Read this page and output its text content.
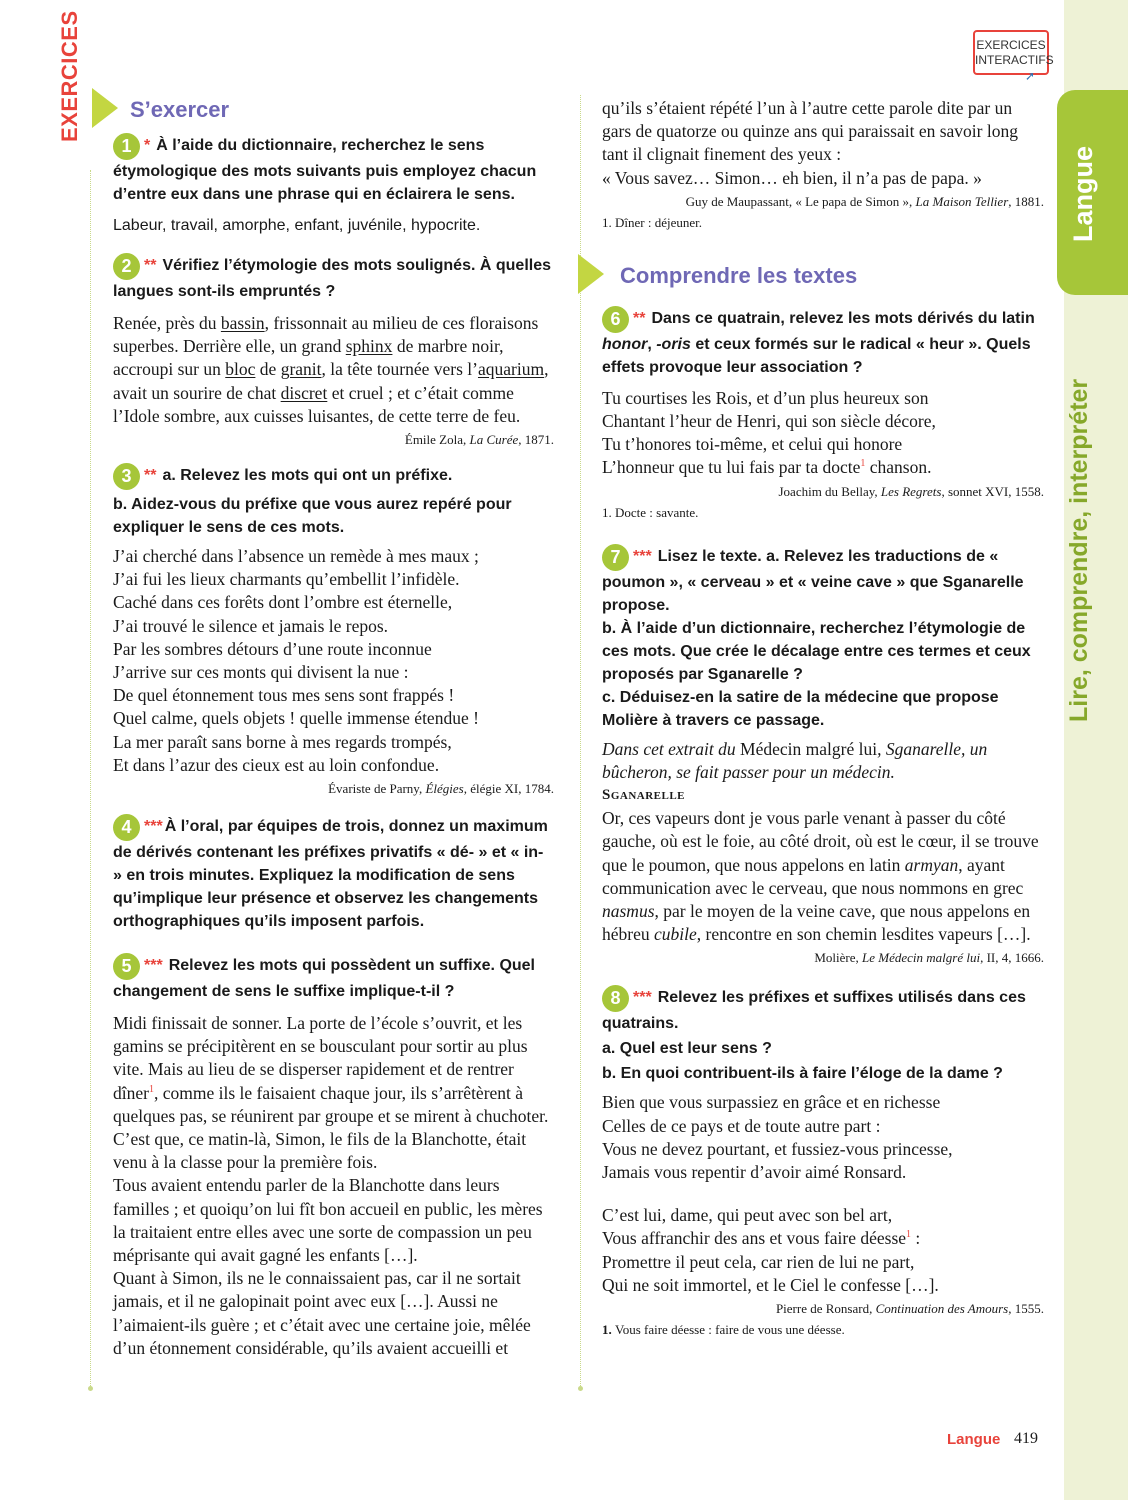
Langue
Lire, comprendre, interpréter
EXERCICES	EXERCICES
INTERACTIFS
➚
S’exercer

1 * À l’aide du dictionnaire, recherchez le sens étymologique des mots suivants puis employez chacun d’entre eux dans une phrase qui en éclairera le sens.

Labeur, travail, amorphe, enfant, juvénile, hypocrite.

2 ** Vérifiez l’étymologie des mots soulignés. À quelles langues sont-ils empruntés ?

Renée, près du bassin, frissonnait au milieu de ces floraisons superbes. Derrière elle, un grand sphinx de marbre noir, accroupi sur un bloc de granit, la tête tournée vers l’aquarium, avait un sourire de chat discret et cruel ; et c’était comme l’Idole sombre, aux cuisses luisantes, de cette terre de feu.

Émile Zola, La Curée, 1871.

3 ** a. Relevez les mots qui ont un préfixe.

b. Aidez-vous du préfixe que vous aurez repéré pour expliquer le sens de ces mots.

J’ai cherché dans l’absence un remède à mes maux ;

J’ai fui les lieux charmants qu’embellit l’infidèle.

Caché dans ces forêts dont l’ombre est éternelle,

J’ai trouvé le silence et jamais le repos.

Par les sombres détours d’une route inconnue

J’arrive sur ces monts qui divisent la nue :

De quel étonnement tous mes sens sont frappés !

Quel calme, quels objets ! quelle immense étendue !

La mer paraît sans borne à mes regards trompés,

Et dans l’azur des cieux est au loin confondue.

Évariste de Parny, Élégies, élégie XI, 1784.

4 *** À l’oral, par équipes de trois, donnez un maximum de dérivés contenant les préfixes privatifs « dé- » et « in- » en trois minutes. Expliquez la modification de sens qu’implique leur présence et observez les changements orthographiques qu’ils imposent parfois.

5 *** Relevez les mots qui possèdent un suffixe. Quel changement de sens le suffixe implique-t-il ?

Midi finissait de sonner. La porte de l’école s’ouvrit, et les gamins se précipitèrent en se bousculant pour sortir au plus vite. Mais au lieu de se disperser rapidement et de rentrer dîner$^1$, comme ils le faisaient chaque jour, ils s’arrêtèrent à quelques pas, se réunirent par groupe et se mirent à chuchoter.

C’est que, ce matin-là, Simon, le fils de la Blanchotte, était venu à la classe pour la première fois.

Tous avaient entendu parler de la Blanchotte dans leurs familles ; et quoiqu’on lui fît bon accueil en public, les mères la traitaient entre elles avec une sorte de compassion un peu méprisante qui avait gagné les enfants […].

Quant à Simon, ils ne le connaissaient pas, car il ne sortait jamais, et il ne galopinait point avec eux […]. Aussi ne l’aimaient-ils guère ; et c’était avec une certaine joie, mêlée d’un étonnement considérable, qu’ils avaient accueilli et

qu’ils s’étaient répété l’un à l’autre cette parole dite par un gars de quatorze ou quinze ans qui paraissait en savoir long tant il clignait finement des yeux :

« Vous savez… Simon… eh bien, il n’a pas de papa. »

Guy de Maupassant, « Le papa de Simon », La Maison Tellier, 1881.

1. Dîner : déjeuner.

Comprendre les textes

6 ** Dans ce quatrain, relevez les mots dérivés du latin honor, -oris et ceux formés sur le radical « heur ». Quels effets provoque leur association ?

Tu courtises les Rois, et d’un plus heureux son

Chantant l’heur de Henri, qui son siècle décore,

Tu t’honores toi-même, et celui qui honore

L’honneur que tu lui fais par ta docte$^1$ chanson.

Joachim du Bellay, Les Regrets, sonnet XVI, 1558.

1. Docte : savante.

7 *** Lisez le texte. a. Relevez les traductions de « poumon », « cerveau » et « veine cave » que Sganarelle propose.

b. À l’aide d’un dictionnaire, recherchez l’étymologie de ces mots. Que crée le décalage entre ces termes et ceux proposés par Sganarelle ?

c. Déduisez-en la satire de la médecine que propose Molière à travers ce passage.

Dans cet extrait du Médecin malgré lui, Sganarelle, un bûcheron, se fait passer pour un médecin.

Sganarelle

Or, ces vapeurs dont je vous parle venant à passer du côté gauche, où est le foie, au côté droit, où est le cœur, il se trouve que le poumon, que nous appelons en latin armyan, ayant communication avec le cerveau, que nous nommons en grec nasmus, par le moyen de la veine cave, que nous appelons en hébreu cubile, rencontre en son chemin lesdites vapeurs […].

Molière, Le Médecin malgré lui, II, 4, 1666.

8 *** Relevez les préfixes et suffixes utilisés dans ces quatrains.

a. Quel est leur sens ?

b. En quoi contribuent-ils à faire l’éloge de la dame ?

Bien que vous surpassiez en grâce et en richesse

Celles de ce pays et de toute autre part :

Vous ne devez pourtant, et fussiez-vous princesse,

Jamais vous repentir d’avoir aimé Ronsard.

C’est lui, dame, qui peut avec son bel art,

Vous affranchir des ans et vous faire déesse$^1$ :

Promettre il peut cela, car rien de lui ne part,

Qui ne soit immortel, et le Ciel le confesse […].

Pierre de Ronsard, Continuation des Amours, 1555.

1. Vous faire déesse : faire de vous une déesse.

Langue 419
